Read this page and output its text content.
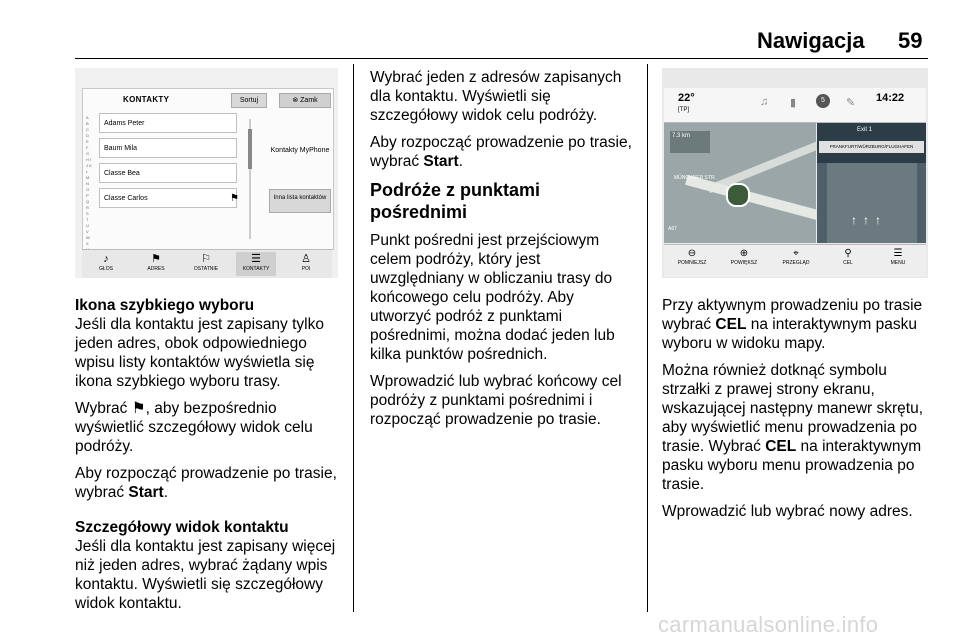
Nawigacja 59
A B C D E F G H I J K L M N O P Q R S T U V W X
KONTAKTY	Sortuj	⊗ Zamk
Adams Peter
Baum Mila
Classe Bea
Classe Carlos	⚑
Kontakty MyPhone
Inna lista kontaktów
♪
GŁOS
⚑
ADRES
⚐
OSTATNIE
☰
KONTAKTY
♙
POI
Ikona szybkiego wyboru

Jeśli dla kontaktu jest zapisany tylko jeden adres, obok odpowiedniego wpisu listy kontaktów wyświetla się ikona szybkiego wyboru trasy.

Wybrać ⚑, aby bezpośrednio wyświetlić szczegółowy widok celu podróży.

Aby rozpocząć prowadzenie po trasie, wybrać Start.

Szczegółowy widok kontaktu

Jeśli dla kontaktu jest zapisany więcej niż jeden adres, wybrać żądany wpis kontaktu. Wyświetli się szczegółowy widok kontaktu.

Wybrać jeden z adresów zapisanych dla kontaktu. Wyświetli się szczegółowy widok celu podróży.

Aby rozpocząć prowadzenie po trasie, wybrać Start.

Podróże z punktami pośrednimi

Punkt pośredni jest przejściowym celem podróży, który jest uwzględniany w obliczaniu trasy do końcowego celu podróży. Aby utworzyć podróż z punktami pośrednimi, można dodać jeden lub kilka punktów pośrednich.

Wprowadzić lub wybrać końcowy cel podróży z punktami pośrednimi i rozpocząć prowadzenie po trasie.

22°
[TP]
♫ ▮	5	✎ 14:22
7.3 km
MÜNCHNER STR.
A67
Exit 1
FRANKFURT/WÜRZBURG/FLUGHAFEN
↑↑↑
⊖
POMNIEJSZ
⊕
POWIĘKSZ
⌖
PRZEGLĄD
⚲
CEL
☰
MENU

Przy aktywnym prowadzeniu po trasie wybrać CEL na interaktywnym pasku wyboru w widoku mapy.

Można również dotknąć symbolu strzałki z prawej strony ekranu, wskazującej następny manewr skrętu, aby wyświetlić menu prowadzenia po trasie. Wybrać CEL na interaktywnym pasku wyboru menu prowadzenia po trasie.

Wprowadzić lub wybrać nowy adres.

carmanualsonline.info
